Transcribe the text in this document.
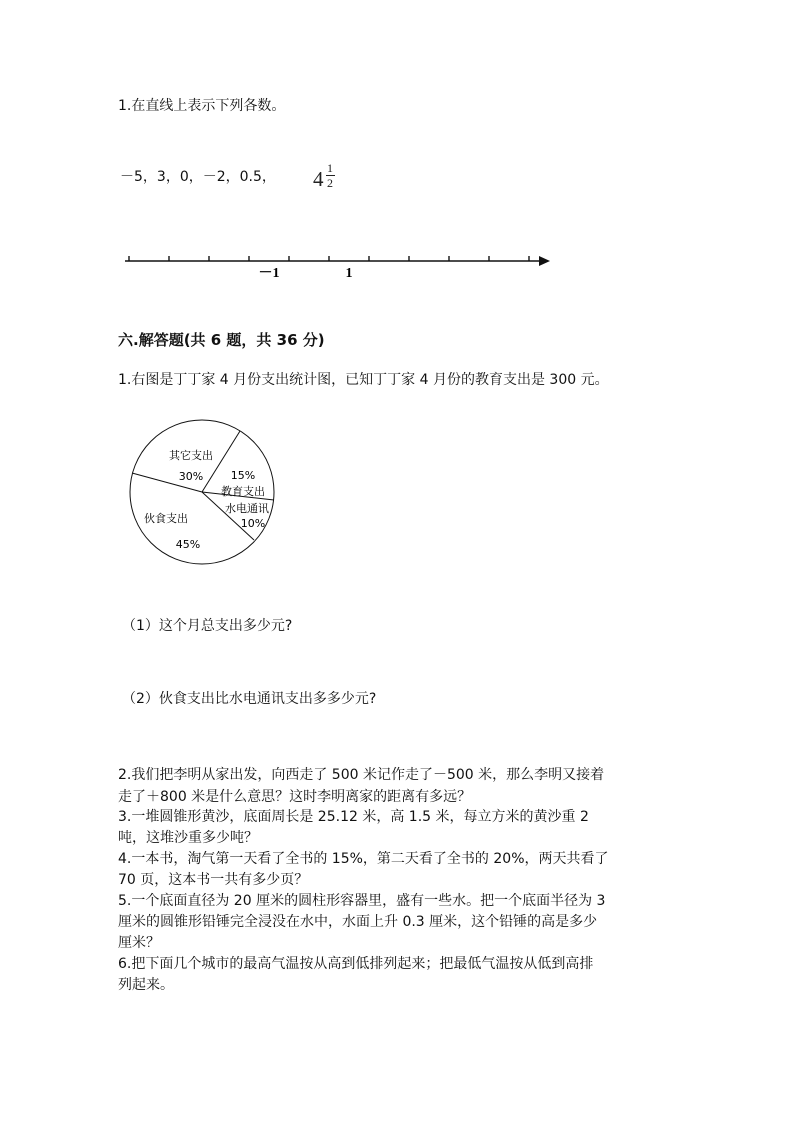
1.在直线上表示下列各数。
－5，3，0，－2，0.5， 4 1
2
－1	1
六.解答题(共 6 题，共 36 分)
1.右图是丁丁家 4 月份支出统计图，已知丁丁家 4 月份的教育支出是 300 元。
其它支出
30%	15%
教育支出
水电通讯
10%
伙食支出
45%
（1）这个月总支出多少元?
（2）伙食支出比水电通讯支出多多少元?
2.我们把李明从家出发，向西走了 500 米记作走了－500 米，那么李明又接着
走了＋800 米是什么意思？这时李明离家的距离有多远？
3.一堆圆锥形黄沙，底面周长是 25.12 米，高 1.5 米，每立方米的黄沙重 2
吨，这堆沙重多少吨？
4.一本书，淘气第一天看了全书的 15%，第二天看了全书的 20%，两天共看了
70 页，这本书一共有多少页？
5.一个底面直径为 20 厘米的圆柱形容器里，盛有一些水。把一个底面半径为 3
厘米的圆锥形铅锤完全浸没在水中，水面上升 0.3 厘米，这个铅锤的高是多少
厘米？
6.把下面几个城市的最高气温按从高到低排列起来；把最低气温按从低到高排
列起来。
